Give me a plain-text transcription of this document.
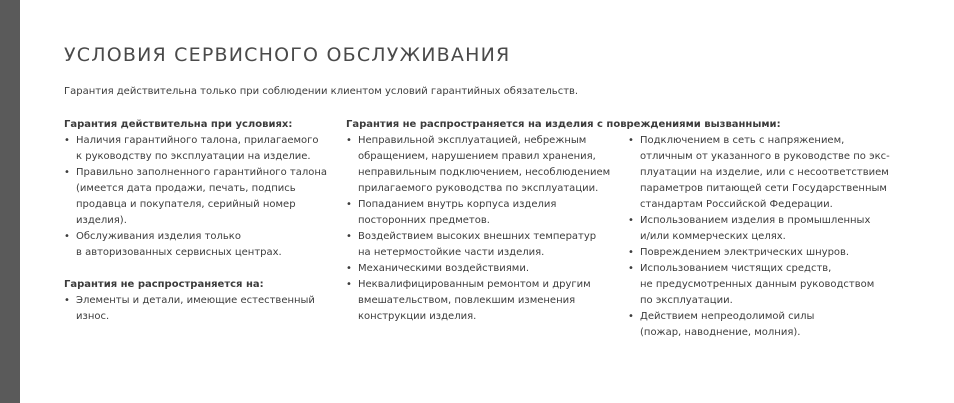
УСЛОВИЯ СЕРВИСНОГО ОБСЛУЖИВАНИЯ

Гарантия действительна только при соблюдении клиентом условий гарантийных обязательств.

Гарантия действительна при условиях:

• Наличия гарантийного талона, прилагаемого
к руководству по эксплуатации на изделие.
• Правильно заполненного гарантийного талона
(имеется дата продажи, печать, подпись
продавца и покупателя, серийный номер
изделия).
• Обслуживания изделия только
в авторизованных сервисных центрах.

Гарантия не распространяется на:

• Элементы и детали, имеющие естественный
износ.

Гарантия не распространяется на изделия с повреждениями вызванными:

• Неправильной эксплуатацией, небрежным
обращением, нарушением правил хранения,
неправильным подключением, несоблюдением
прилагаемого руководства по эксплуатации.
• Попаданием внутрь корпуса изделия
посторонних предметов.
• Воздействием высоких внешних температур
на нетермостойкие части изделия.
• Механическими воздействиями.
• Неквалифицированным ремонтом и другим
вмешательством, повлекшим изменения
конструкции изделия.
• Подключением в сеть с напряжением,
отличным от указанного в руководстве по экс-
плуатации на изделие, или с несоответствием
параметров питающей сети Государственным
стандартам Российской Федерации.
• Использованием изделия в промышленных
и/или коммерческих целях.
• Повреждением электрических шнуров.
• Использованием чистящих средств,
не предусмотренных данным руководством
по эксплуатации.
• Действием непреодолимой силы
(пожар, наводнение, молния).
